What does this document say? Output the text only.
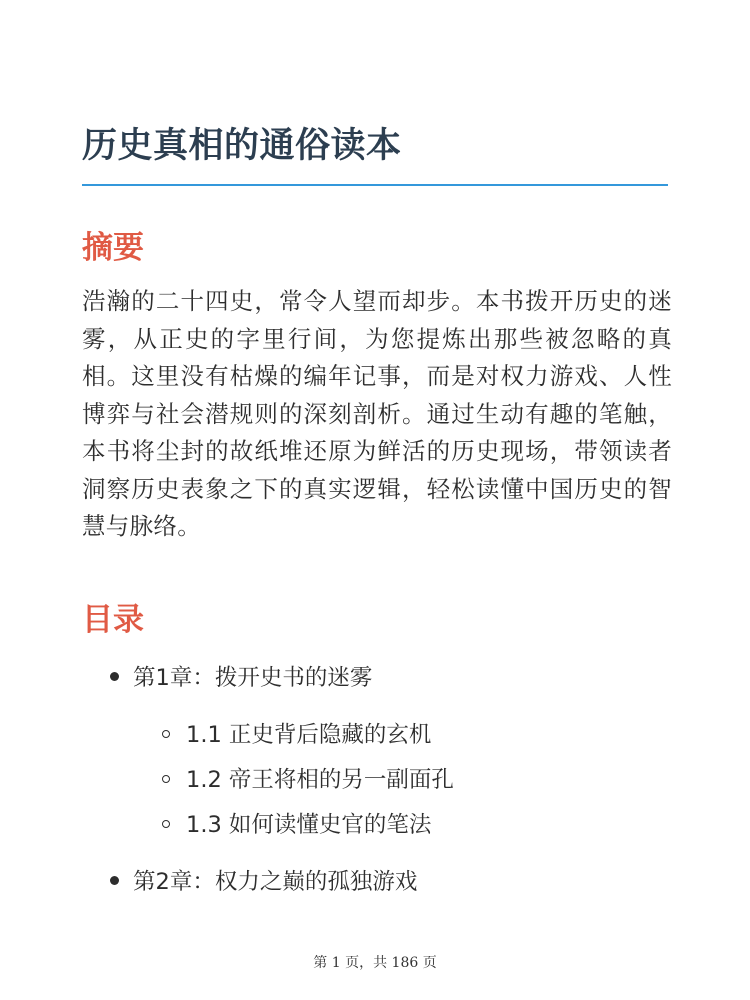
历史真相的通俗读本
摘要

浩瀚的二十四史，常令人望而却步。本书拨开历史的迷雾，从正史的字里行间，为您提炼出那些被忽略的真相。这里没有枯燥的编年记事，而是对权力游戏、人性博弈与社会潜规则的深刻剖析。通过生动有趣的笔触，本书将尘封的故纸堆还原为鲜活的历史现场，带领读者洞察历史表象之下的真实逻辑，轻松读懂中国历史的智慧与脉络。

目录
第1章：拨开史书的迷雾
1.1 正史背后隐藏的玄机
1.2 帝王将相的另一副面孔
1.3 如何读懂史官的笔法
第2章：权力之巅的孤独游戏
第 1 页，共 186 页
